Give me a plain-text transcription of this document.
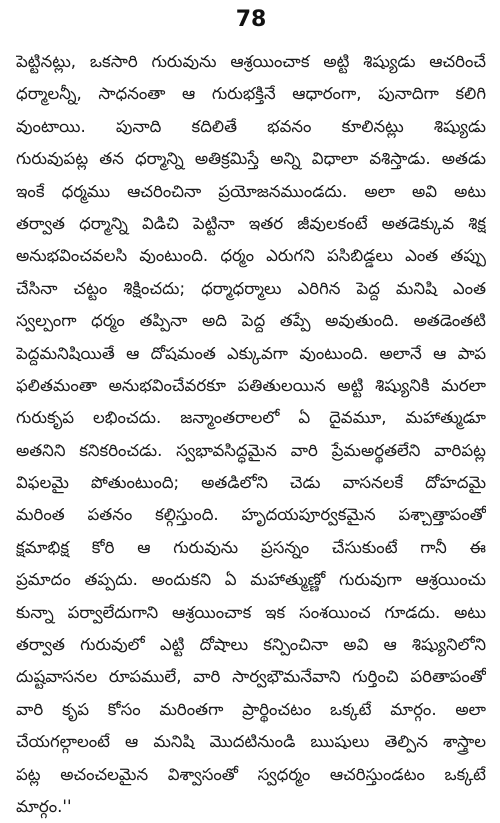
78
పెట్టినట్లు, ఒకసారి గురువును ఆశ్రయించాక అట్టి శిష్యుడు ఆచరించే
ధర్మాలన్నీ, సాధనంతా ఆ గురుభక్తినే ఆధారంగా, పునాదిగా కలిగి
వుంటాయి. పునాది కదిలితే భవనం కూలినట్లు శిష్యుడు
గురువుపట్ల తన ధర్మాన్ని అతిక్రమిస్తే అన్ని విధాలా వశిస్తాడు. అతడు
ఇంకే ధర్మము ఆచరించినా ప్రయోజనముండదు. అలా అవి అటు
తర్వాత ధర్మాన్ని విడిచి పెట్టినా ఇతర జీవులకంటే అతడెక్కువ శిక్ష
అనుభవించవలసి వుంటుంది. ధర్మం ఎరుగని పసిబిడ్డలు ఎంత తప్పు
చేసినా చట్టం శిక్షించదు; ధర్మాధర్మాలు ఎరిగిన పెద్ద మనిషి ఎంత
స్వల్పంగా ధర్మం తప్పినా అది పెద్ద తప్పే అవుతుంది. అతడెంతటి
పెద్దమనిషియితే ఆ దోషమంత ఎక్కువగా వుంటుంది. అలానే ఆ పాప
ఫలితమంతా అనుభవించేవరకూ పతితులయిన అట్టి శిష్యునికి మరలా
గురుకృప లభించదు. జన్మాంతరాలలో ఏ దైవమూ, మహాత్ముడూ
అతనిని కనికరించడు. స్వభావసిద్ధమైన వారి ప్రేమఅర్థతలేని వారిపట్ల
విఫలమై పోతుంటుంది; అతడిలోని చెడు వాసనలకే దోహదమై
మరింత పతనం కల్గిస్తుంది. హృదయపూర్వకమైన పశ్చాత్తాపంతో
క్షమాభిక్ష కోరి ఆ గురువును ప్రసన్నం చేసుకుంటే గానీ ఈ
ప్రమాదం తప్పదు. అందుకని ఏ మహాత్ముణ్ణో గురువుగా ఆశ్రయించు
కున్నా పర్వాలేదుగాని ఆశ్రయించాక ఇక సంశయించ గూడదు. అటు
తర్వాత గురువులో ఎట్టి దోషాలు కన్పించినా అవి ఆ శిష్యునిలోని
దుష్టవాసనల రూపములే, వారి సార్వభౌమనేవాని గుర్తించి పరితాపంతో
వారి కృప కోసం మరింతగా ప్రార్థించటం ఒక్కటే మార్గం. అలా
చేయగల్గాలంటే ఆ మనిషి మొదటినుండి ఋషులు తెల్పిన శాస్త్రాల
పట్ల అచంచలమైన విశ్వాసంతో స్వధర్మం ఆచరిస్తుండటం ఒక్కటే
మార్గం.''
